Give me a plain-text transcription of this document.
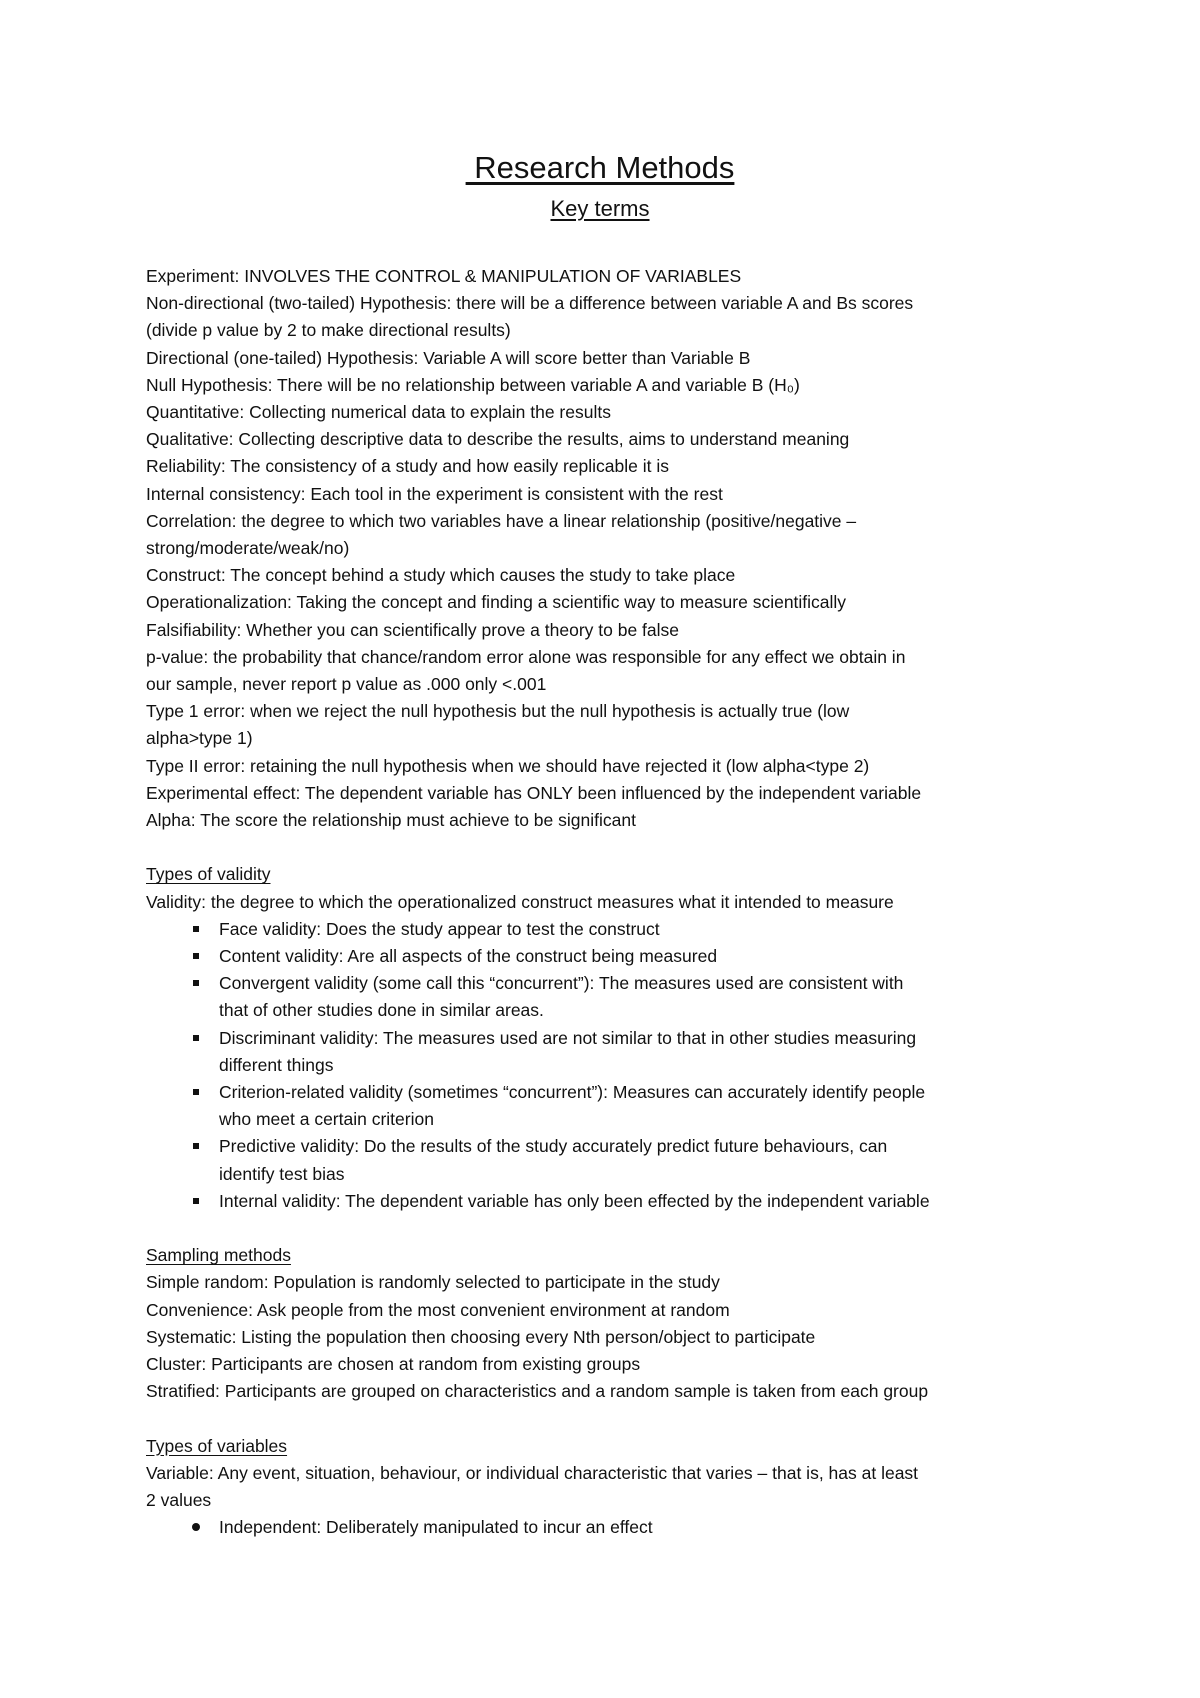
Research Methods
Key terms
Experiment: INVOLVES THE CONTROL & MANIPULATION OF VARIABLES
Non-directional (two-tailed) Hypothesis: there will be a difference between variable A and Bs scores
(divide p value by 2 to make directional results)
Directional (one-tailed) Hypothesis: Variable A will score better than Variable B
Null Hypothesis: There will be no relationship between variable A and variable B (H₀)
Quantitative: Collecting numerical data to explain the results
Qualitative: Collecting descriptive data to describe the results, aims to understand meaning
Reliability: The consistency of a study and how easily replicable it is
Internal consistency: Each tool in the experiment is consistent with the rest
Correlation: the degree to which two variables have a linear relationship (positive/negative –
strong/moderate/weak/no)
Construct: The concept behind a study which causes the study to take place
Operationalization: Taking the concept and finding a scientific way to measure scientifically
Falsifiability: Whether you can scientifically prove a theory to be false
p-value: the probability that chance/random error alone was responsible for any effect we obtain in
our sample, never report p value as .000 only <.001
Type 1 error: when we reject the null hypothesis but the null hypothesis is actually true (low
alpha>type 1)
Type II error: retaining the null hypothesis when we should have rejected it (low alpha<type 2)
Experimental effect: The dependent variable has ONLY been influenced by the independent variable
Alpha: The score the relationship must achieve to be significant
Types of validity
Validity: the degree to which the operationalized construct measures what it intended to measure
Face validity: Does the study appear to test the construct
Content validity: Are all aspects of the construct being measured
Convergent validity (some call this “concurrent”): The measures used are consistent with
that of other studies done in similar areas.
Discriminant validity: The measures used are not similar to that in other studies measuring
different things
Criterion-related validity (sometimes “concurrent”): Measures can accurately identify people
who meet a certain criterion
Predictive validity: Do the results of the study accurately predict future behaviours, can
identify test bias
Internal validity: The dependent variable has only been effected by the independent variable
Sampling methods
Simple random: Population is randomly selected to participate in the study
Convenience: Ask people from the most convenient environment at random
Systematic: Listing the population then choosing every Nth person/object to participate
Cluster: Participants are chosen at random from existing groups
Stratified: Participants are grouped on characteristics and a random sample is taken from each group
Types of variables
Variable: Any event, situation, behaviour, or individual characteristic that varies – that is, has at least
2 values
Independent: Deliberately manipulated to incur an effect
